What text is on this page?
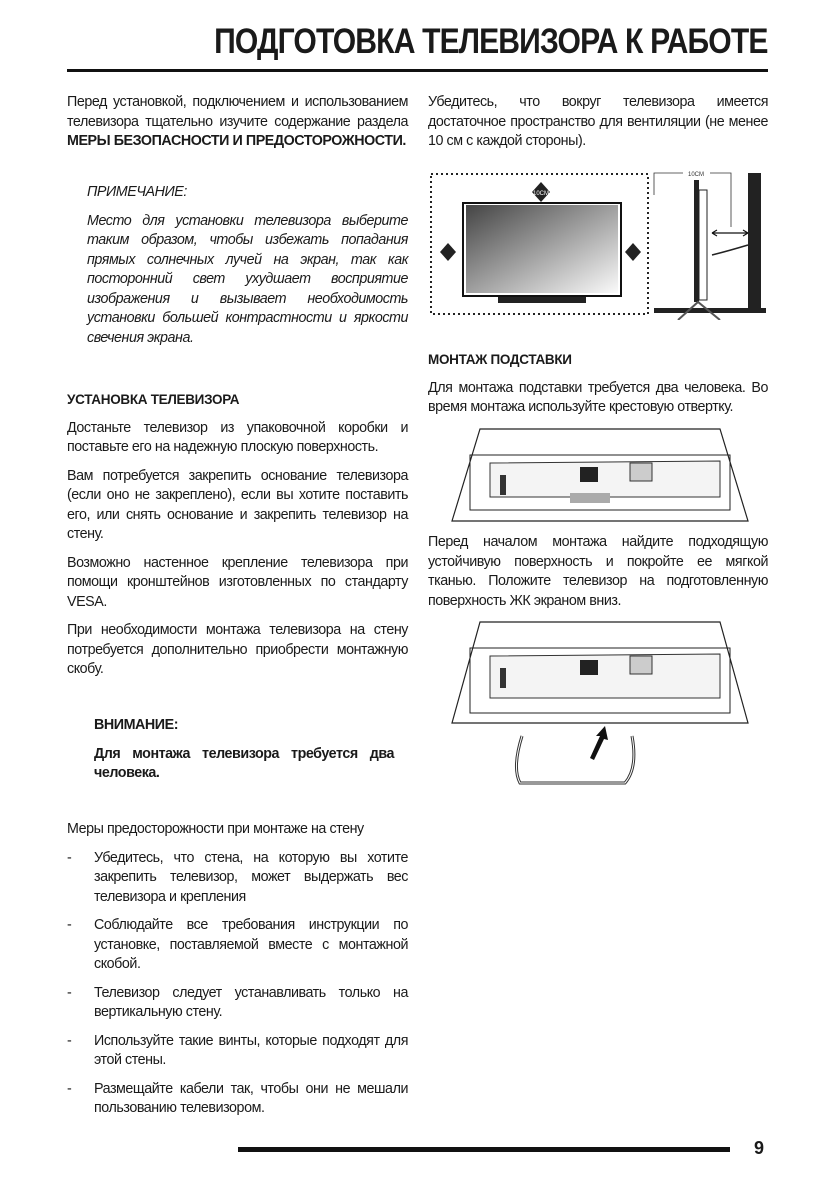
ПОДГОТОВКА ТЕЛЕВИЗОРА К РАБОТЕ

Перед установкой, подключением и использованием телевизора тщательно изучите содержание раздела МЕРЫ БЕЗОПАСНОСТИ И ПРЕДОСТОРОЖНОСТИ.

ПРИМЕЧАНИЕ:

Место для установки телевизора выберите таким образом, чтобы избежать попадания прямых солнечных лучей на экран, так как посторонний свет ухудшает восприятие изображения и вызывает необходимость установки большей контрастности и яркости свечения экрана.

УСТАНОВКА ТЕЛЕВИЗОРА

Достаньте телевизор из упаковочной коробки и поставьте его на надежную плоскую поверхность.

Вам потребуется закрепить основание телевизора (если оно не закреплено), если вы хотите поставить его, или снять основание и закрепить телевизор на стену.

Возможно настенное крепление телевизора при помощи кронштейнов изготовленных по стандарту VESA.

При необходимости монтажа телевизора на стену потребуется дополнительно приобрести монтажную скобу.

ВНИМАНИЕ:

Для монтажа телевизора требуется два человека.

Меры предосторожности при монтаже на стену

- Убедитесь, что стена, на которую вы хотите закрепить телевизор, может выдержать вес телевизора и крепления
- Соблюдайте все требования инструкции по установке, поставляемой вместе с монтажной скобой.
- Телевизор следует устанавливать только на вертикальную стену.
- Используйте такие винты, которые подходят для этой стены.
- Размещайте кабели так, чтобы они не мешали пользованию телевизором.

Убедитесь, что вокруг телевизора имеется достаточное пространство для вентиляции (не менее 10 см с каждой стороны).

10CM
10CM

МОНТАЖ ПОДСТАВКИ

Для монтажа подставки требуется два человека. Во время монтажа используйте крестовую отвертку.

Перед началом монтажа найдите подходящую устойчивую поверхность и покройте ее мягкой тканью. Положите телевизор на подготовленную поверхность ЖК экраном вниз.

9
